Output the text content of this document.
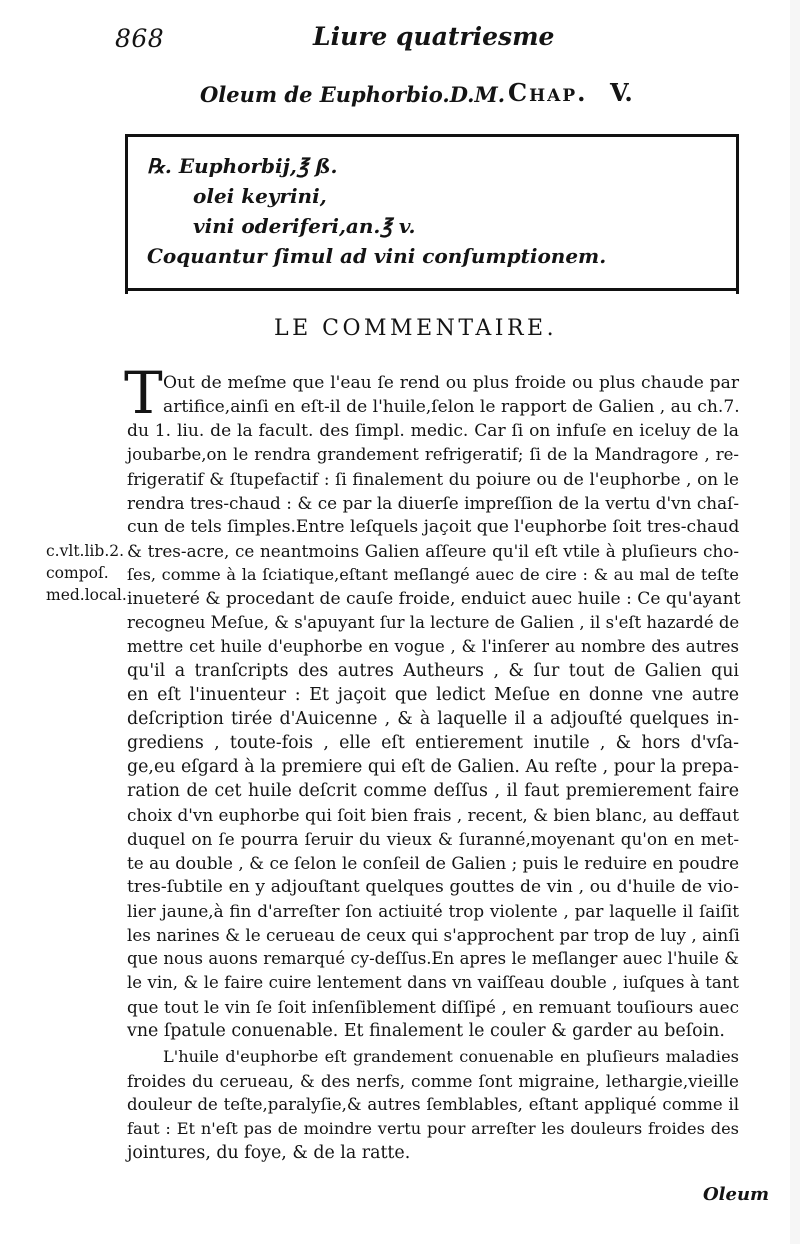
868	Liure quatriesme
Oleum de Euphorbio.D.M. Chap. V.
℞. Euphorbij,℥ ß.
olei keyrini,
vini oderiferi,an.℥ v.
Coquantur ſimul ad vini conſumptionem.
LE COMMENTAIRE.
T Out de meſme que l'eau ſe rend ou plus froide ou plus chaude par
artifice,ainſi en eſt-il de l'huile,ſelon le rapport de Galien , au ch.7.
du 1. liu. de la facult. des ſimpl. medic. Car ſi on infuſe en iceluy de la
joubarbe,on le rendra grandement refrigeratif; ſi de la Mandragore , re-
frigeratif & ſtupefactif : ſi finalement du poiure ou de l'euphorbe , on le
rendra tres-chaud : & ce par la diuerſe impreſſion de la vertu d'vn chaſ-
cun de tels ſimples.Entre leſquels jaçoit que l'euphorbe ſoit tres-chaud
& tres-acre, ce neantmoins Galien aſſeure qu'il eſt vtile à pluſieurs cho-
ſes, comme à la ſciatique,eſtant meſlangé auec de cire : & au mal de teſte
inueteré & procedant de cauſe froide, enduict auec huile : Ce qu'ayant
recogneu Meſue, & s'apuyant ſur la lecture de Galien , il s'eſt hazardé de
mettre cet huile d'euphorbe en vogue , & l'inſerer au nombre des autres
qu'il a tranſcripts des autres Autheurs , & ſur tout de Galien qui
en eſt l'inuenteur : Et jaçoit que ledict Meſue en donne vne autre
deſcription tirée d'Auicenne , & à laquelle il a adjouſté quelques in-
grediens , toute-fois , elle eſt entierement inutile , & hors d'vſa-
ge,eu eſgard à la premiere qui eſt de Galien. Au reſte , pour la prepa-
ration de cet huile deſcrit comme deſſus , il faut premierement faire
choix d'vn euphorbe qui ſoit bien frais , recent, & bien blanc, au deffaut
duquel on ſe pourra ſeruir du vieux & ſuranné,moyenant qu'on en met-
te au double , & ce ſelon le conſeil de Galien ; puis le reduire en poudre
tres-ſubtile en y adjouſtant quelques gouttes de vin , ou d'huile de vio-
lier jaune,à fin d'arreſter ſon actiuité trop violente , par laquelle il ſaiſit
les narines & le cerueau de ceux qui s'approchent par trop de luy , ainſi
que nous auons remarqué cy-deſſus.En apres le meſlanger auec l'huile &
le vin, & le faire cuire lentement dans vn vaiſſeau double , iuſques à tant
que tout le vin ſe ſoit inſenſiblement diſſipé , en remuant touſiours auec
vne ſpatule conuenable. Et finalement le couler & garder au beſoin.
L'huile d'euphorbe eſt grandement conuenable en pluſieurs maladies
froides du cerueau, & des nerfs, comme ſont migraine, lethargie,vieille
douleur de teſte,paralyſie,& autres ſemblables, eſtant appliqué comme il
faut : Et n'eſt pas de moindre vertu pour arreſter les douleurs froides des
jointures, du foye, & de la ratte.
c.vlt.lib.2.
compoſ.
med.local.
Oleum
